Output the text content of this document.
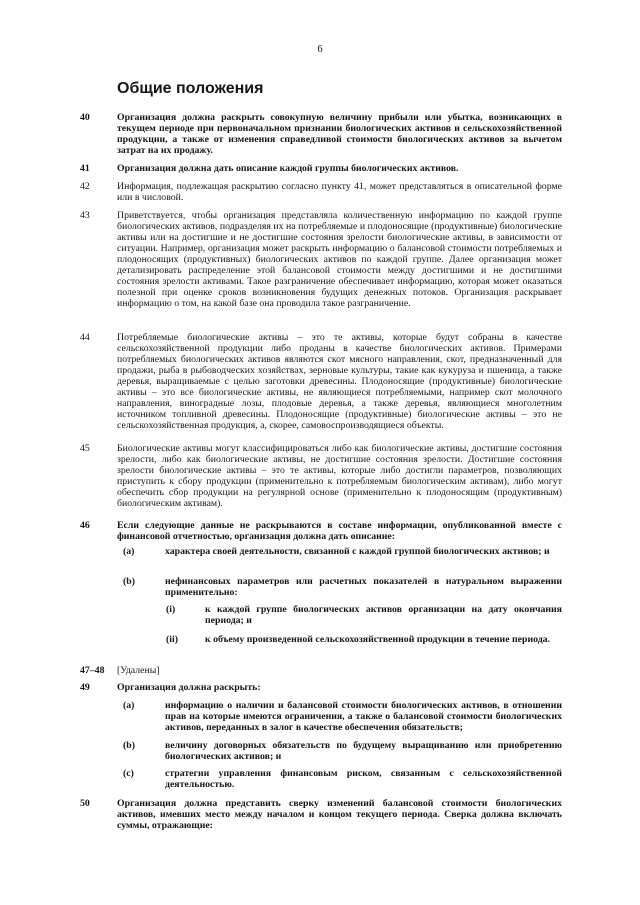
6
Общие положения
40	Организация должна раскрыть совокупную величину прибыли или убытка, возникающих в текущем периоде при первоначальном признании биологических активов и сельскохозяйственной продукции, а также от изменения справедливой стоимости биологических активов за вычетом затрат на их продажу.
41	Организация должна дать описание каждой группы биологических активов.
42	Информация, подлежащая раскрытию согласно пункту 41, может представляться в описательной форме или в числовой.
43	Приветствуется, чтобы организация представляла количественную информацию по каждой группе биологических активов, подразделяя их на потребляемые и плодоносящие (продуктивные) биологические активы или на достигшие и не достигшие состояния зрелости биологические активы, в зависимости от ситуации. Например, организация может раскрыть информацию о балансовой стоимости потребляемых и плодоносящих (продуктивных) биологических активов по каждой группе. Далее организация может детализировать распределение этой балансовой стоимости между достигшими и не достигшими состояния зрелости активами. Такое разграничение обеспечивает информацию, которая может оказаться полезной при оценке сроков возникновения будущих денежных потоков. Организация раскрывает информацию о том, на какой базе она проводила такое разграничение.
44	Потребляемые биологические активы – это те активы, которые будут собраны в качестве сельскохозяйственной продукции либо проданы в качестве биологических активов. Примерами потребляемых биологических активов являются скот мясного направления, скот, предназначенный для продажи, рыба в рыбоводческих хозяйствах, зерновые культуры, такие как кукуруза и пшеница, а также деревья, выращиваемые с целью заготовки древесины. Плодоносящие (продуктивные) биологические активы – это все биологические активы, не являющиеся потребляемыми, например скот молочного направления, виноградные лозы, плодовые деревья, а также деревья, являющиеся многолетним источником топливной древесины. Плодоносящие (продуктивные) биологические активы – это не сельскохозяйственная продукция, а, скорее, самовоспроизводящиеся объекты.
45	Биологические активы могут классифицироваться либо как биологические активы, достигшие состояния зрелости, либо как биологические активы, не достигшие состояния зрелости. Достигшие состояния зрелости биологические активы – это те активы, которые либо достигли параметров, позволяющих приступить к сбору продукции (применительно к потребляемым биологическим активам), либо могут обеспечить сбор продукции на регулярной основе (применительно к плодоносящим (продуктивным) биологическим активам).
46	Если следующие данные не раскрываются в составе информации, опубликованной вместе с финансовой отчетностью, организация должна дать описание:
(a)	характера своей деятельности, связанной с каждой группой биологических активов; и
(b)	нефинансовых параметров или расчетных показателей в натуральном выражении применительно:
(i)	к каждой группе биологических активов организации на дату окончания периода; и
(ii)	к объему произведенной сельскохозяйственной продукции в течение периода.
47–48 [Удалены]
49	Организация должна раскрыть:
(a)	информацию о наличии и балансовой стоимости биологических активов, в отношении прав на которые имеются ограничения, а также о балансовой стоимости биологических активов, переданных в залог в качестве обеспечения обязательств;
(b)	величину договорных обязательств по будущему выращиванию или приобретению биологических активов; и
(c)	стратегии управления финансовым риском, связанным с сельскохозяйственной деятельностью.
50	Организация должна представить сверку изменений балансовой стоимости биологических активов, имевших место между началом и концом текущего периода. Сверка должна включать суммы, отражающие:
